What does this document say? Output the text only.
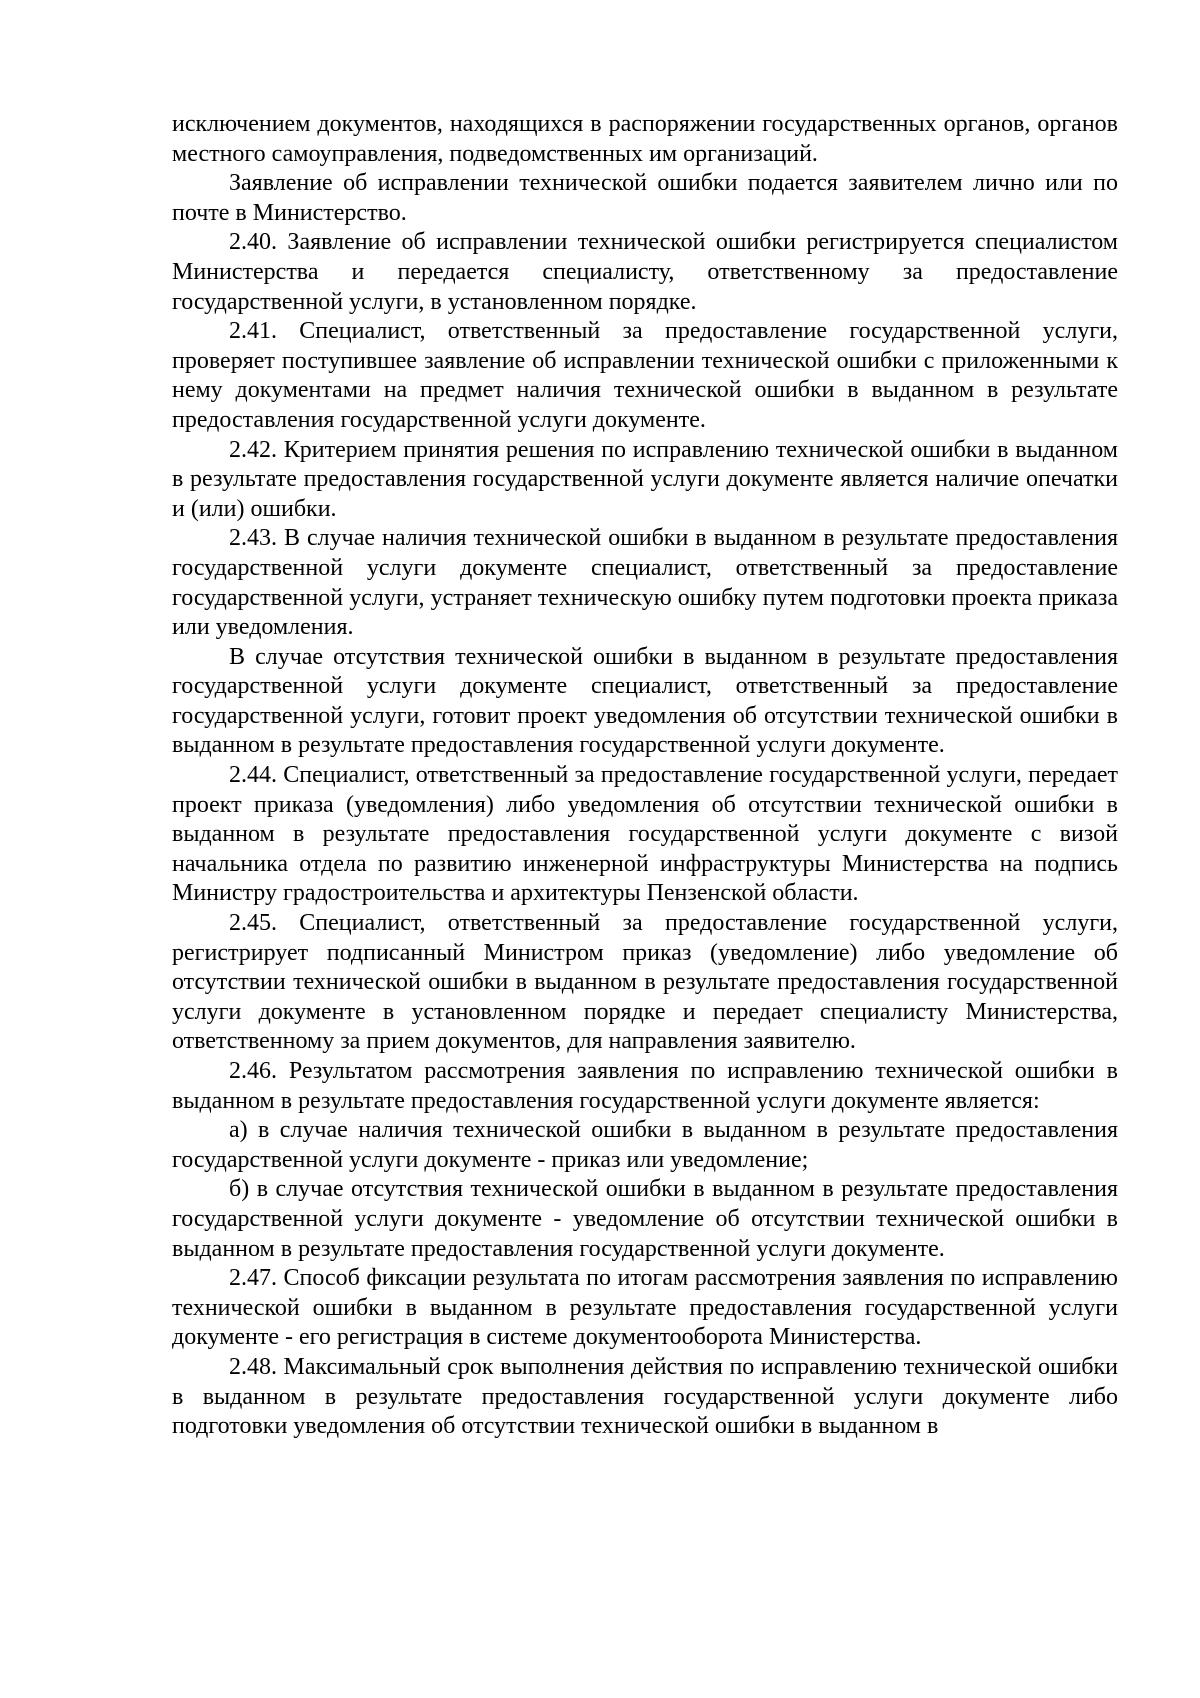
исключением документов, находящихся в распоряжении государственных органов, органов местного самоуправления, подведомственных им организаций.

Заявление об исправлении технической ошибки подается заявителем лично или по почте в Министерство.

2.40. Заявление об исправлении технической ошибки регистрируется специалистом Министерства и передается специалисту, ответственному за предоставление государственной услуги, в установленном порядке.

2.41. Специалист, ответственный за предоставление государственной услуги, проверяет поступившее заявление об исправлении технической ошибки с приложенными к нему документами на предмет наличия технической ошибки в выданном в результате предоставления государственной услуги документе.

2.42. Критерием принятия решения по исправлению технической ошибки в выданном в результате предоставления государственной услуги документе является наличие опечатки и (или) ошибки.

2.43. В случае наличия технической ошибки в выданном в результате предоставления государственной услуги документе специалист, ответственный за предоставление государственной услуги, устраняет техническую ошибку путем подготовки проекта приказа или уведомления.

В случае отсутствия технической ошибки в выданном в результате предоставления государственной услуги документе специалист, ответственный за предоставление государственной услуги, готовит проект уведомления об отсутствии технической ошибки в выданном в результате предоставления государственной услуги документе.

2.44. Специалист, ответственный за предоставление государственной услуги, передает проект приказа (уведомления) либо уведомления об отсутствии технической ошибки в выданном в результате предоставления государственной услуги документе с визой начальника отдела по развитию инженерной инфраструктуры Министерства на подпись Министру градостроительства и архитектуры Пензенской области.

2.45. Специалист, ответственный за предоставление государственной услуги, регистрирует подписанный Министром приказ (уведомление) либо уведомление об отсутствии технической ошибки в выданном в результате предоставления государственной услуги документе в установленном порядке и передает специалисту Министерства, ответственному за прием документов, для направления заявителю.

2.46. Результатом рассмотрения заявления по исправлению технической ошибки в выданном в результате предоставления государственной услуги документе является:

а) в случае наличия технической ошибки в выданном в результате предоставления государственной услуги документе - приказ или уведомление;

б) в случае отсутствия технической ошибки в выданном в результате предоставления государственной услуги документе - уведомление об отсутствии технической ошибки в выданном в результате предоставления государственной услуги документе.

2.47. Способ фиксации результата по итогам рассмотрения заявления по исправлению технической ошибки в выданном в результате предоставления государственной услуги документе - его регистрация в системе документооборота Министерства.

2.48. Максимальный срок выполнения действия по исправлению технической ошибки в выданном в результате предоставления государственной услуги документе либо подготовки уведомления об отсутствии технической ошибки в выданном в
